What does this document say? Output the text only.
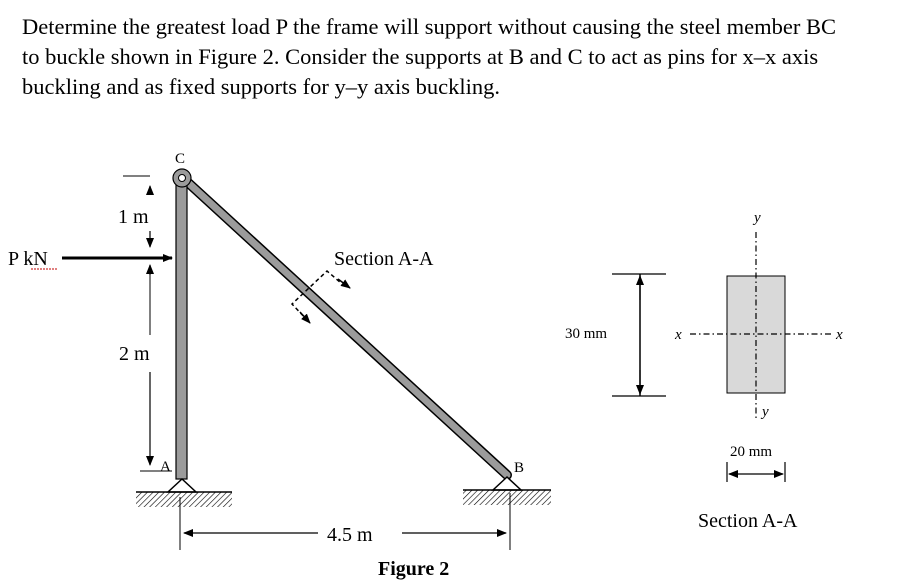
Determine the greatest load P the frame will support without causing the steel member BC
to buckle shown in Figure 2. Consider the supports at B and C to act as pins for x–x axis
buckling and as fixed supports for y–y axis buckling.
C
A	B
P kN
1 m
2 m
4.5 m
Section A-A
Figure 2
30 mm	x	x
y
y
20 mm
Section A-A
